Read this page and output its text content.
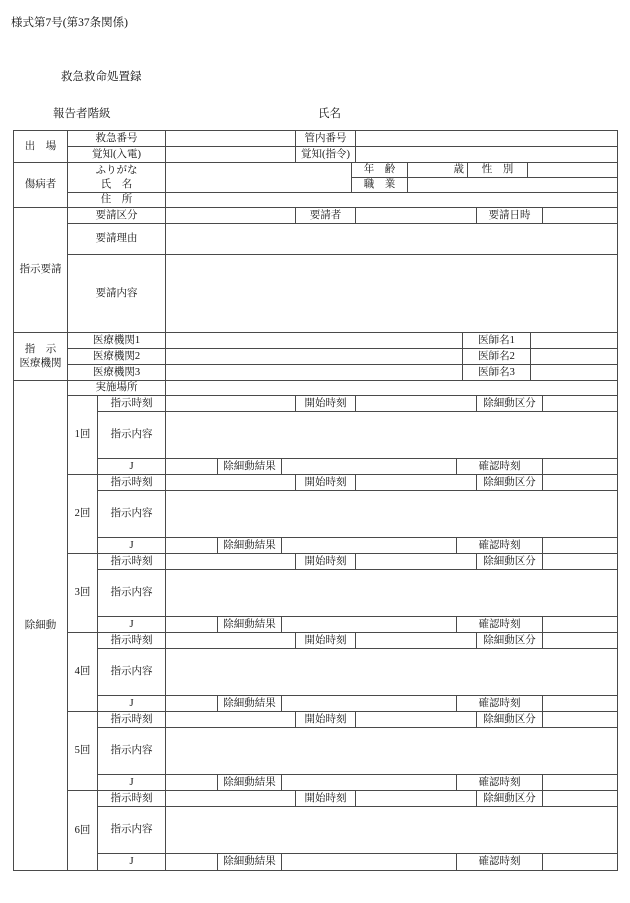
様式第7号(第37条関係)
救急救命処置録
報告者階級	氏名
出　場
救急番号	管内番号
覚知(入電)	覚知(指令)
傷病者
ふりがな
氏　名
年　齢	歳	性　別
職　業
住　所
指示要請
要請区分	要請者	要請日時
要請理由
要請内容
指　示
医療機関
医療機関1	医師名1
医療機関2	医師名2
医療機関3	医師名3
除細動
実施場所
1回
指示時刻	開始時刻	除細動区分
指示内容
J	除細動結果	確認時刻
2回
指示時刻	開始時刻	除細動区分
指示内容
J	除細動結果	確認時刻
3回
指示時刻	開始時刻	除細動区分
指示内容
J	除細動結果	確認時刻
4回
指示時刻	開始時刻	除細動区分
指示内容
J	除細動結果	確認時刻
5回
指示時刻	開始時刻	除細動区分
指示内容
J	除細動結果	確認時刻
6回
指示時刻	開始時刻	除細動区分
指示内容
J	除細動結果	確認時刻
